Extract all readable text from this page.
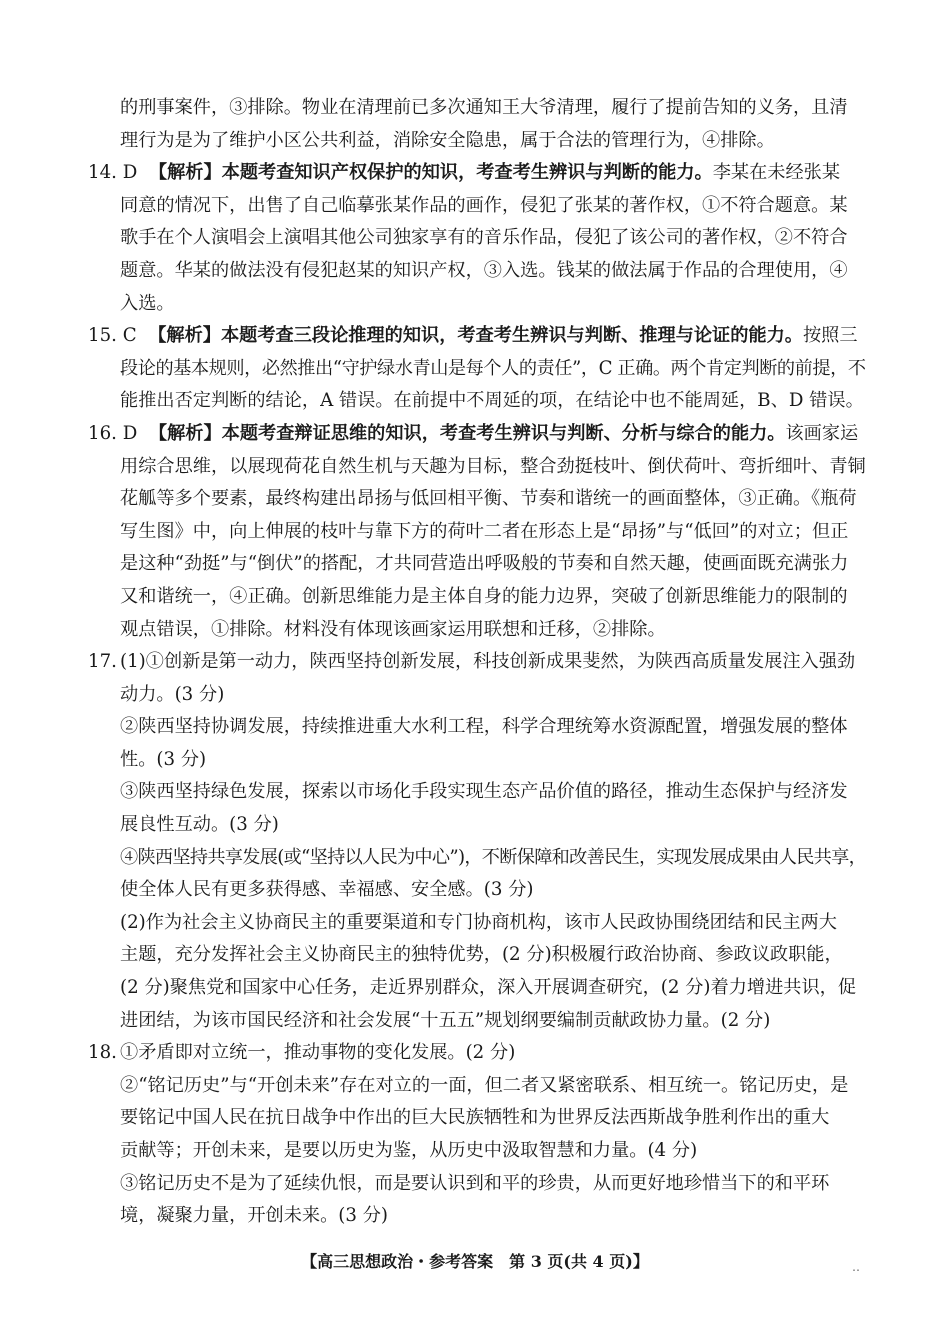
的刑事案件，③排除。物业在清理前已多次通知王大爷清理，履行了提前告知的义务，且清
理行为是为了维护小区公共利益，消除安全隐患，属于合法的管理行为，④排除。
14. D 【解析】本题考查知识产权保护的知识，考查考生辨识与判断的能力。李某在未经张某
同意的情况下，出售了自己临摹张某作品的画作，侵犯了张某的著作权，①不符合题意。某
歌手在个人演唱会上演唱其他公司独家享有的音乐作品，侵犯了该公司的著作权，②不符合
题意。华某的做法没有侵犯赵某的知识产权，③入选。钱某的做法属于作品的合理使用，④
入选。
15. C 【解析】本题考查三段论推理的知识，考查考生辨识与判断、推理与论证的能力。按照三
段论的基本规则，必然推出“守护绿水青山是每个人的责任”，C 正确。两个肯定判断的前提，不
能推出否定判断的结论，A 错误。在前提中不周延的项，在结论中也不能周延，B、D 错误。
16. D 【解析】本题考查辩证思维的知识，考查考生辨识与判断、分析与综合的能力。该画家运
用综合思维，以展现荷花自然生机与天趣为目标，整合劲挺枝叶、倒伏荷叶、弯折细叶、青铜
花觚等多个要素，最终构建出昂扬与低回相平衡、节奏和谐统一的画面整体，③正确。《瓶荷
写生图》中，向上伸展的枝叶与靠下方的荷叶二者在形态上是“昂扬”与“低回”的对立；但正
是这种“劲挺”与“倒伏”的搭配，才共同营造出呼吸般的节奏和自然天趣，使画面既充满张力
又和谐统一，④正确。创新思维能力是主体自身的能力边界，突破了创新思维能力的限制的
观点错误，①排除。材料没有体现该画家运用联想和迁移，②排除。
17. (1)①创新是第一动力，陕西坚持创新发展，科技创新成果斐然，为陕西高质量发展注入强劲
动力。(3 分)
②陕西坚持协调发展，持续推进重大水利工程，科学合理统筹水资源配置，增强发展的整体
性。(3 分)
③陕西坚持绿色发展，探索以市场化手段实现生态产品价值的路径，推动生态保护与经济发
展良性互动。(3 分)
④陕西坚持共享发展(或“坚持以人民为中心”)，不断保障和改善民生，实现发展成果由人民共享，
使全体人民有更多获得感、幸福感、安全感。(3 分)
(2)作为社会主义协商民主的重要渠道和专门协商机构，该市人民政协围绕团结和民主两大
主题，充分发挥社会主义协商民主的独特优势，(2 分)积极履行政治协商、参政议政职能，
(2 分)聚焦党和国家中心任务，走近界别群众，深入开展调查研究，(2 分)着力增进共识，促
进团结，为该市国民经济和社会发展“十五五”规划纲要编制贡献政协力量。(2 分)
18. ①矛盾即对立统一，推动事物的变化发展。(2 分)
②“铭记历史”与“开创未来”存在对立的一面，但二者又紧密联系、相互统一。铭记历史，是
要铭记中国人民在抗日战争中作出的巨大民族牺牲和为世界反法西斯战争胜利作出的重大
贡献等；开创未来，是要以历史为鉴，从历史中汲取智慧和力量。(4 分)
③铭记历史不是为了延续仇恨，而是要认识到和平的珍贵，从而更好地珍惜当下的和平环
境，凝聚力量，开创未来。(3 分)
【高三思想政治・参考答案　第 3 页(共 4 页)】	‥
